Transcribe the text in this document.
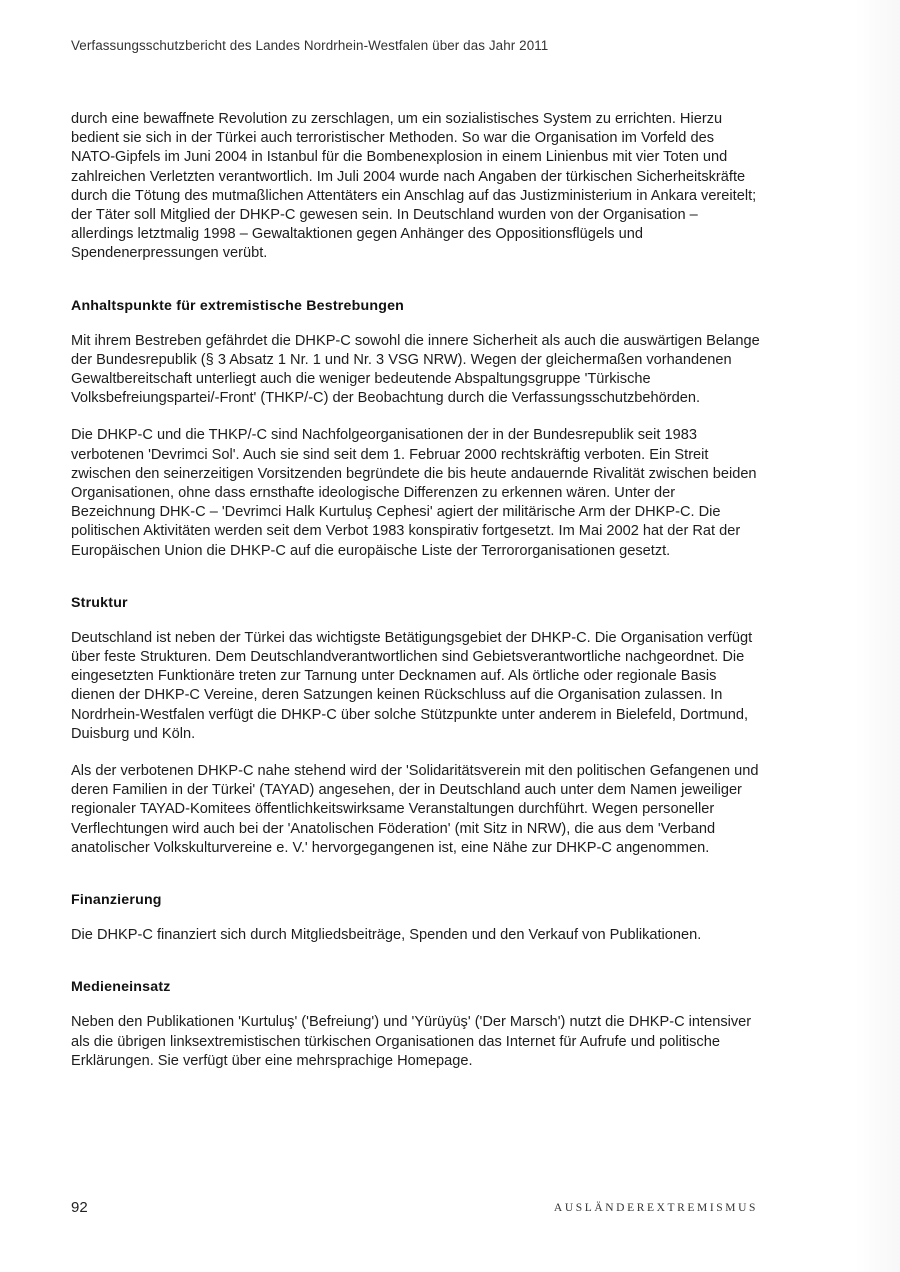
Verfassungsschutzbericht des Landes Nordrhein-Westfalen über das Jahr 2011

durch eine bewaffnete Revolution zu zerschlagen, um ein sozialistisches System zu errichten. Hierzu bedient sie sich in der Türkei auch terroristischer Methoden. So war die Organisation im Vorfeld des NATO-Gipfels im Juni 2004 in Istanbul für die Bombenexplosion in einem Linienbus mit vier Toten und zahlreichen Verletzten verantwortlich. Im Juli 2004 wurde nach Angaben der türkischen Sicherheitskräfte durch die Tötung des mutmaßlichen Attentäters ein Anschlag auf das Justizministerium in Ankara vereitelt; der Täter soll Mitglied der DHKP-C gewesen sein. In Deutschland wurden von der Organisation – allerdings letztmalig 1998 – Gewaltaktionen gegen Anhänger des Oppositionsflügels und Spendenerpressungen verübt.

Anhaltspunkte für extremistische Bestrebungen

Mit ihrem Bestreben gefährdet die DHKP-C sowohl die innere Sicherheit als auch die auswärtigen Belange der Bundesrepublik (§ 3 Absatz 1 Nr. 1 und Nr. 3 VSG NRW). Wegen der gleichermaßen vorhandenen Gewaltbereitschaft unterliegt auch die weniger bedeutende Abspaltungsgruppe 'Türkische Volksbefreiungspartei/-Front' (THKP/-C) der Beobachtung durch die Verfassungsschutzbehörden.

Die DHKP-C und die THKP/-C sind Nachfolgeorganisationen der in der Bundesrepublik seit 1983 verbotenen 'Devrimci Sol'. Auch sie sind seit dem 1. Februar 2000 rechtskräftig verboten. Ein Streit zwischen den seinerzeitigen Vorsitzenden begründete die bis heute andauernde Rivalität zwischen beiden Organisationen, ohne dass ernsthafte ideologische Differenzen zu erkennen wären. Unter der Bezeichnung DHK-C – 'Devrimci Halk Kurtuluş Cephesi' agiert der militärische Arm der DHKP-C. Die politischen Aktivitäten werden seit dem Verbot 1983 konspirativ fortgesetzt. Im Mai 2002 hat der Rat der Europäischen Union die DHKP-C auf die europäische Liste der Terrororganisationen gesetzt.

Struktur

Deutschland ist neben der Türkei das wichtigste Betätigungsgebiet der DHKP-C. Die Organisation verfügt über feste Strukturen. Dem Deutschlandverantwortlichen sind Gebietsverantwortliche nachgeordnet. Die eingesetzten Funktionäre treten zur Tarnung unter Decknamen auf. Als örtliche oder regionale Basis dienen der DHKP-C Vereine, deren Satzungen keinen Rückschluss auf die Organisation zulassen. In Nordrhein-Westfalen verfügt die DHKP-C über solche Stützpunkte unter anderem in Bielefeld, Dortmund, Duisburg und Köln.

Als der verbotenen DHKP-C nahe stehend wird der 'Solidaritätsverein mit den politischen Gefangenen und deren Familien in der Türkei' (TAYAD) angesehen, der in Deutschland auch unter dem Namen jeweiliger regionaler TAYAD-Komitees öffentlichkeitswirksame Veranstaltungen durchführt. Wegen personeller Verflechtungen wird auch bei der 'Anatolischen Föderation' (mit Sitz in NRW), die aus dem 'Verband anatolischer Volkskulturvereine e. V.' hervorgegangenen ist, eine Nähe zur DHKP-C angenommen.

Finanzierung

Die DHKP-C finanziert sich durch Mitgliedsbeiträge, Spenden und den Verkauf von Publikationen.

Medieneinsatz

Neben den Publikationen 'Kurtuluş' ('Befreiung') und 'Yürüyüş' ('Der Marsch') nutzt die DHKP-C intensiver als die übrigen linksextremistischen türkischen Organisationen das Internet für Aufrufe und politische Erklärungen. Sie verfügt über eine mehrsprachige Homepage.

92	AUSLÄNDEREXTREMISMUS
